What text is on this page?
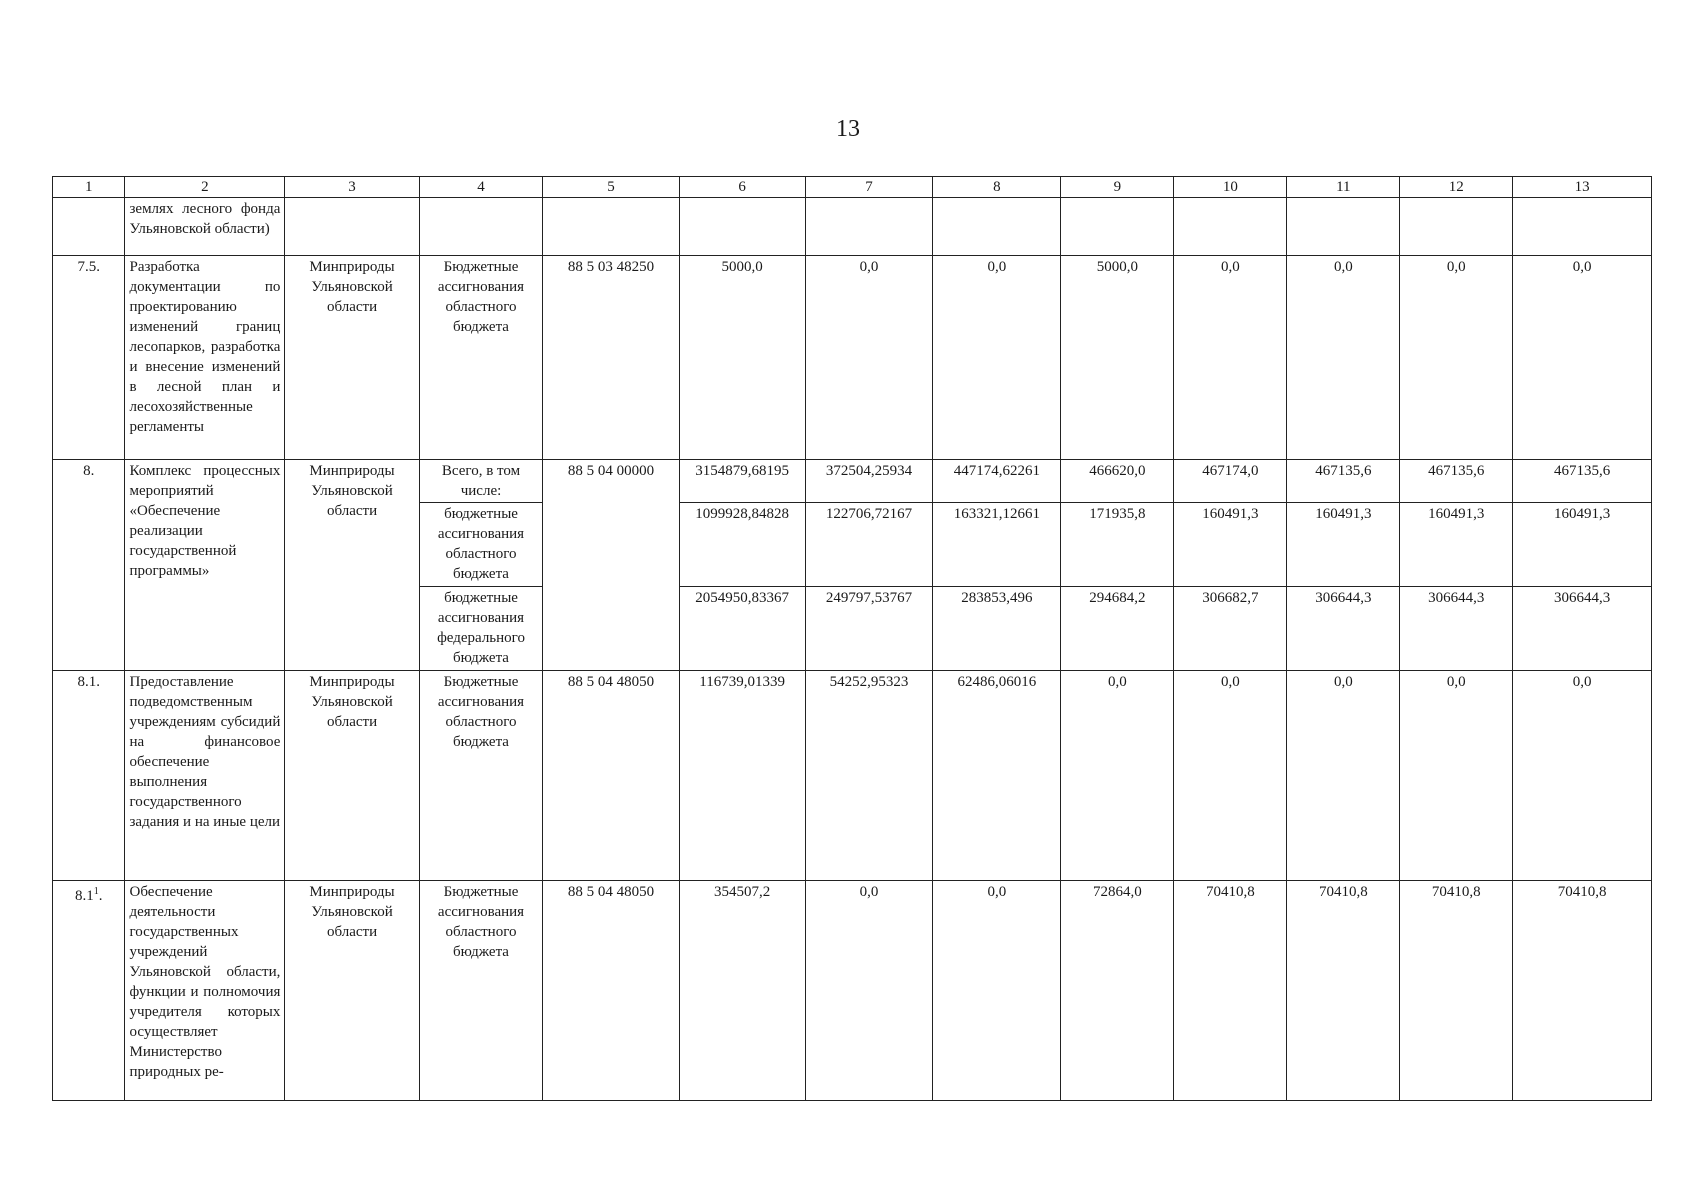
13
1	2	3	4	5	6	7	8	9	10	11	12	13
	землях лесного фонда Ульяновской области)											
7.5.	Разработка документации по проектированию изменений границ лесопарков, разработка и внесение изменений в лесной план и лесохозяйственные регламенты	Минприроды Ульяновской области	Бюджетные ассигнования областного бюджета	88 5 03 48250	5000,0	0,0	0,0	5000,0	0,0	0,0	0,0	0,0
8.	Комплекс процессных мероприятий «Обеспечение реализации государственной программы»	Минприроды Ульяновской области	Всего, в том числе:	88 5 04 00000	3154879,68195	372504,25934	447174,62261	466620,0	467174,0	467135,6	467135,6	467135,6
			бюджетные ассигнования областного бюджета		1099928,84828	122706,72167	163321,12661	171935,8	160491,3	160491,3	160491,3	160491,3
			бюджетные ассигнования федерального бюджета		2054950,83367	249797,53767	283853,496	294684,2	306682,7	306644,3	306644,3	306644,3
8.1.	Предоставление подведомственным учреждениям субсидий на финансовое обеспечение выполнения государственного задания и на иные цели	Минприроды Ульяновской области	Бюджетные ассигнования областного бюджета	88 5 04 48050	116739,01339	54252,95323	62486,06016	0,0	0,0	0,0	0,0	0,0
$8.1^1$.	Обеспечение деятельности государственных учреждений Ульяновской области, функции и полномочия учредителя которых осуществляет Министерство природных ре-	Минприроды Ульяновской области	Бюджетные ассигнования областного бюджета	88 5 04 48050	354507,2	0,0	0,0	72864,0	70410,8	70410,8	70410,8	70410,8
